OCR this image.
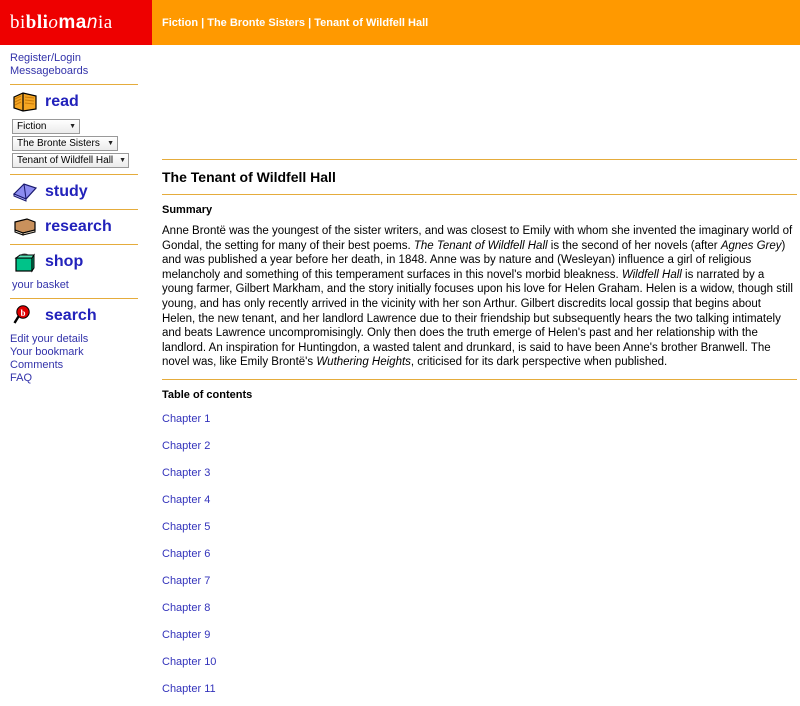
bibliomania	Fiction | The Bronte Sisters | Tenant of Wildfell Hall
Register/Login
Messageboards
read
Fiction	▼
The Bronte Sisters ▼
Tenant of Wildfell Hall ▼
study
research
shop
your basket
b search
Edit your details
Your bookmark
Comments
FAQ
The Tenant of Wildfell Hall
Summary

Anne Brontë was the youngest of the sister writers, and was closest to Emily with whom she invented the imaginary world of Gondal, the setting for many of their best poems. The Tenant of Wildfell Hall is the second of her novels (after Agnes Grey) and was published a year before her death, in 1848. Anne was by nature and (Wesleyan) influence a girl of religious melancholy and something of this temperament surfaces in this novel's morbid bleakness. Wildfell Hall is narrated by a young farmer, Gilbert Markham, and the story initially focuses upon his love for Helen Graham. Helen is a widow, though still young, and has only recently arrived in the vicinity with her son Arthur. Gilbert discredits local gossip that begins about Helen, the new tenant, and her landlord Lawrence due to their friendship but subsequently hears the two talking intimately and beats Lawrence uncompromisingly. Only then does the truth emerge of Helen's past and her relationship with the landlord. An inspiration for Huntingdon, a wasted talent and drunkard, is said to have been Anne's brother Branwell. The novel was, like Emily Brontë's Wuthering Heights, criticised for its dark perspective when published.

Table of contents
Chapter 1
Chapter 2
Chapter 3
Chapter 4
Chapter 5
Chapter 6
Chapter 7
Chapter 8
Chapter 9
Chapter 10
Chapter 11
